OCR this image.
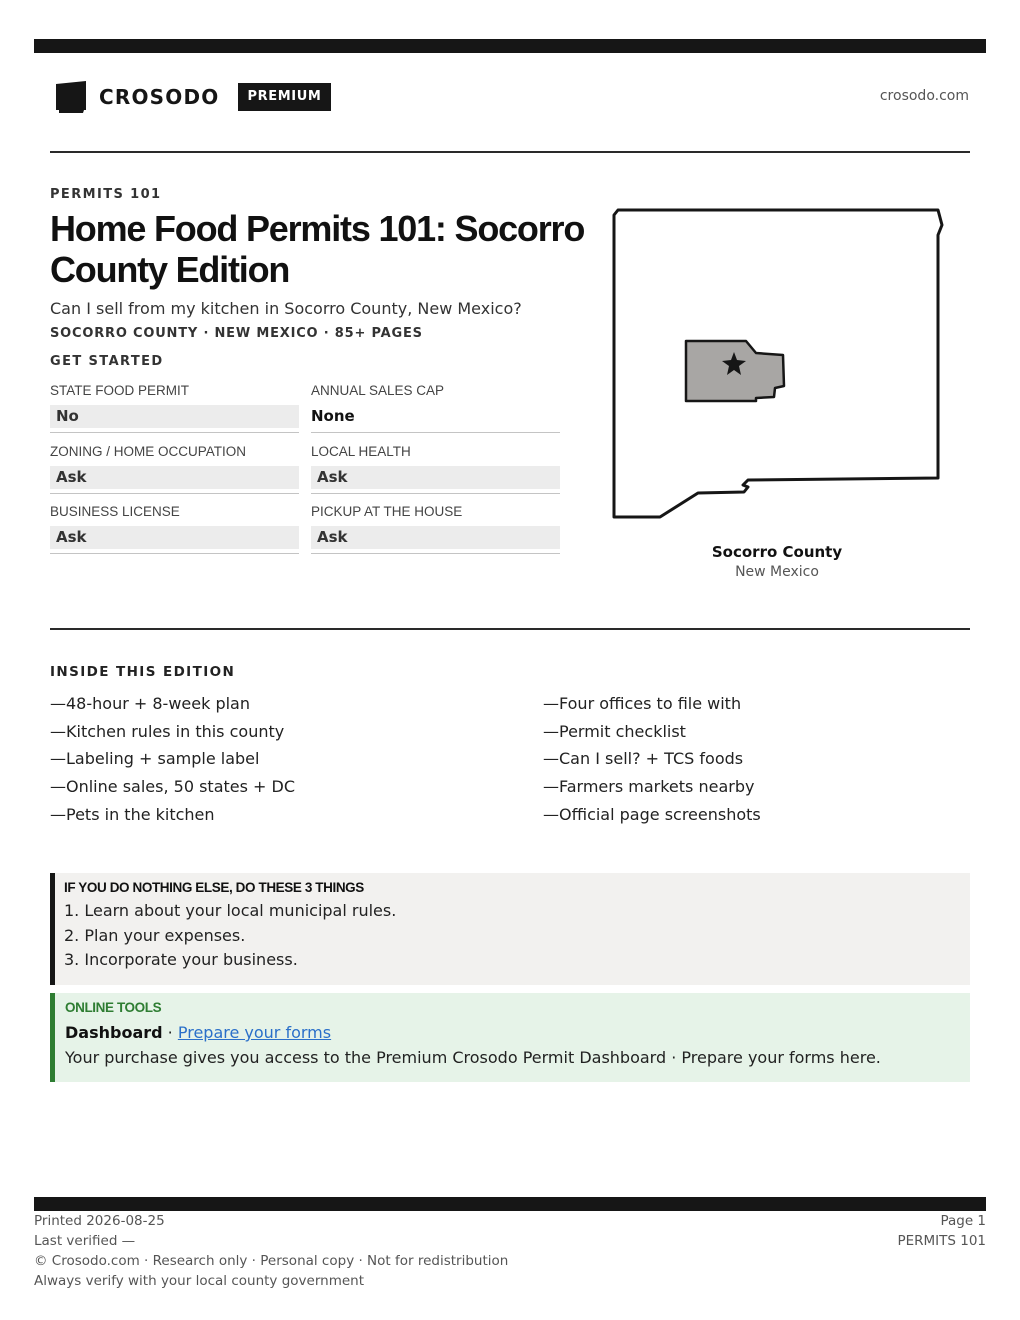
CROSODO	PREMIUM	crosodo.com
PERMITS 101
Home Food Permits 101: Socorro County Edition
Can I sell from my kitchen in Socorro County, New Mexico?
SOCORRO COUNTY · NEW MEXICO · 85+ PAGES
GET STARTED
STATE FOOD PERMIT
No
ANNUAL SALES CAP
None
ZONING / HOME OCCUPATION
Ask
LOCAL HEALTH
Ask
BUSINESS LICENSE
Ask
PICKUP AT THE HOUSE
Ask
Socorro County
New Mexico
INSIDE THIS EDITION
—48-hour + 8-week plan
—Kitchen rules in this county
—Labeling + sample label
—Online sales, 50 states + DC
—Pets in the kitchen
—Four offices to file with
—Permit checklist
—Can I sell? + TCS foods
—Farmers markets nearby
—Official page screenshots
IF YOU DO NOTHING ELSE, DO THESE 3 THINGS
1. Learn about your local municipal rules.
2. Plan your expenses.
3. Incorporate your business.
ONLINE TOOLS
Dashboard · Prepare your forms
Your purchase gives you access to the Premium Crosodo Permit Dashboard · Prepare your forms here.
Printed 2026-08-25
Last verified —
© Crosodo.com · Research only · Personal copy · Not for redistribution
Always verify with your local county government
Page 1
PERMITS 101
